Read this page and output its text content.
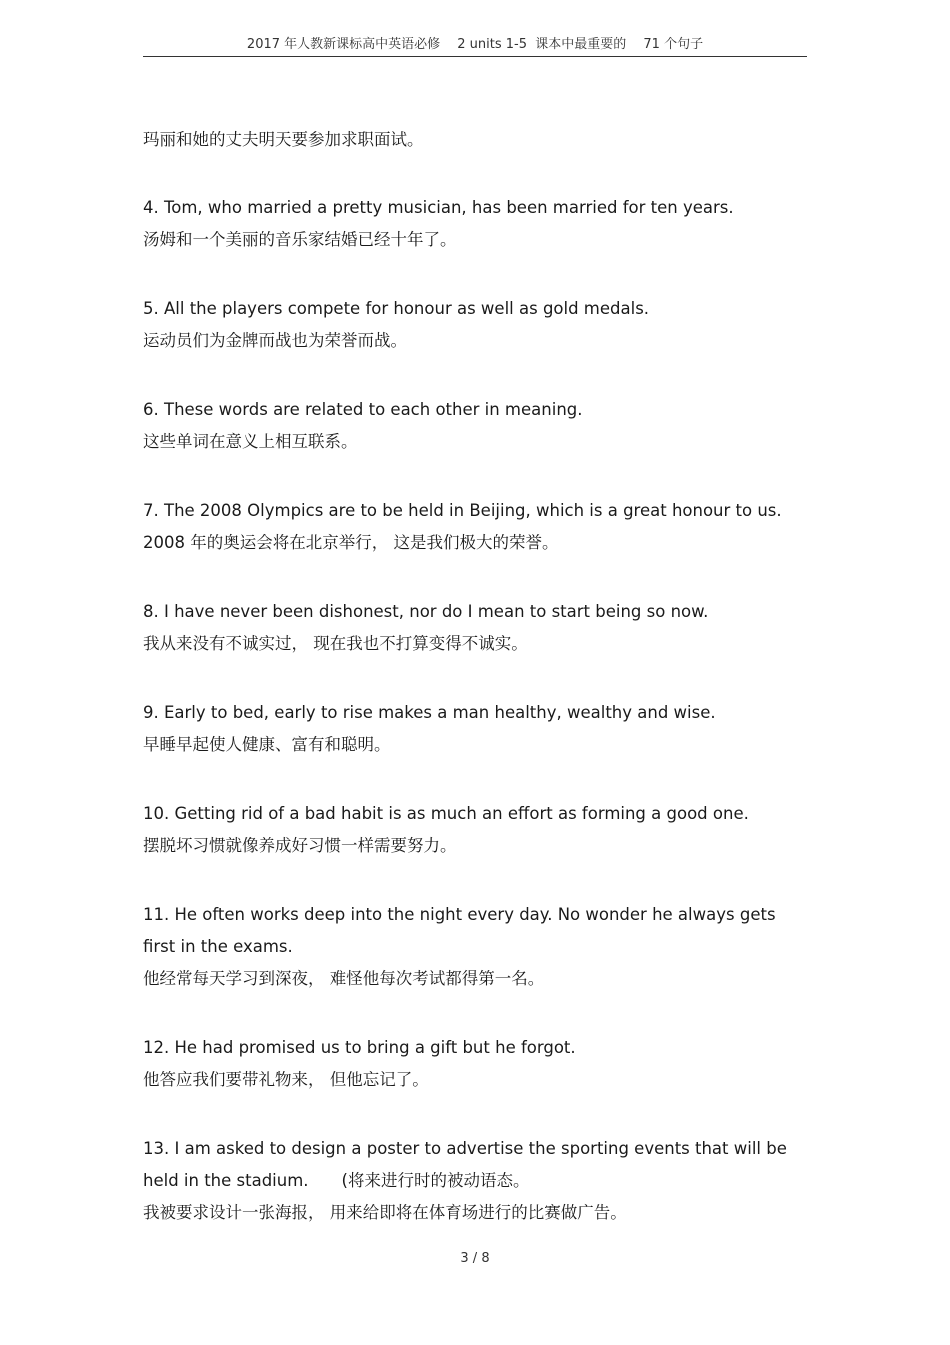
2017 年人教新课标高中英语必修　 2 units 1-5  课本中最重要的　 71 个句子
玛丽和她的丈夫明天要参加求职面试。
4. Tom, who married a pretty musician, has been married for ten years.
汤姆和一个美丽的音乐家结婚已经十年了。
5. All the players compete for honour as well as gold medals.
运动员们为金牌而战也为荣誉而战。
6. These words are related to each other in meaning.
这些单词在意义上相互联系。
7. The 2008 Olympics are to be held in Beijing, which is a great honour to us.
2008 年的奥运会将在北京举行， 这是我们极大的荣誉。
8. I have never been dishonest, nor do I mean to start being so now.
我从来没有不诚实过， 现在我也不打算变得不诚实。
9. Early to bed, early to rise makes a man healthy, wealthy and wise.
早睡早起使人健康、富有和聪明。
10. Getting rid of a bad habit is as much an effort as forming a good one.
摆脱坏习惯就像养成好习惯一样需要努力。
11. He often works deep into the night every day. No wonder he always gets
first in the exams.
他经常每天学习到深夜， 难怪他每次考试都得第一名。
12. He had promised us to bring a gift but he forgot.
他答应我们要带礼物来， 但他忘记了。
13. I am asked to design a poster to advertise the sporting events that will be
held in the stadium.　　(将来进行时的被动语态。
我被要求设计一张海报， 用来给即将在体育场进行的比赛做广告。
3 / 8
